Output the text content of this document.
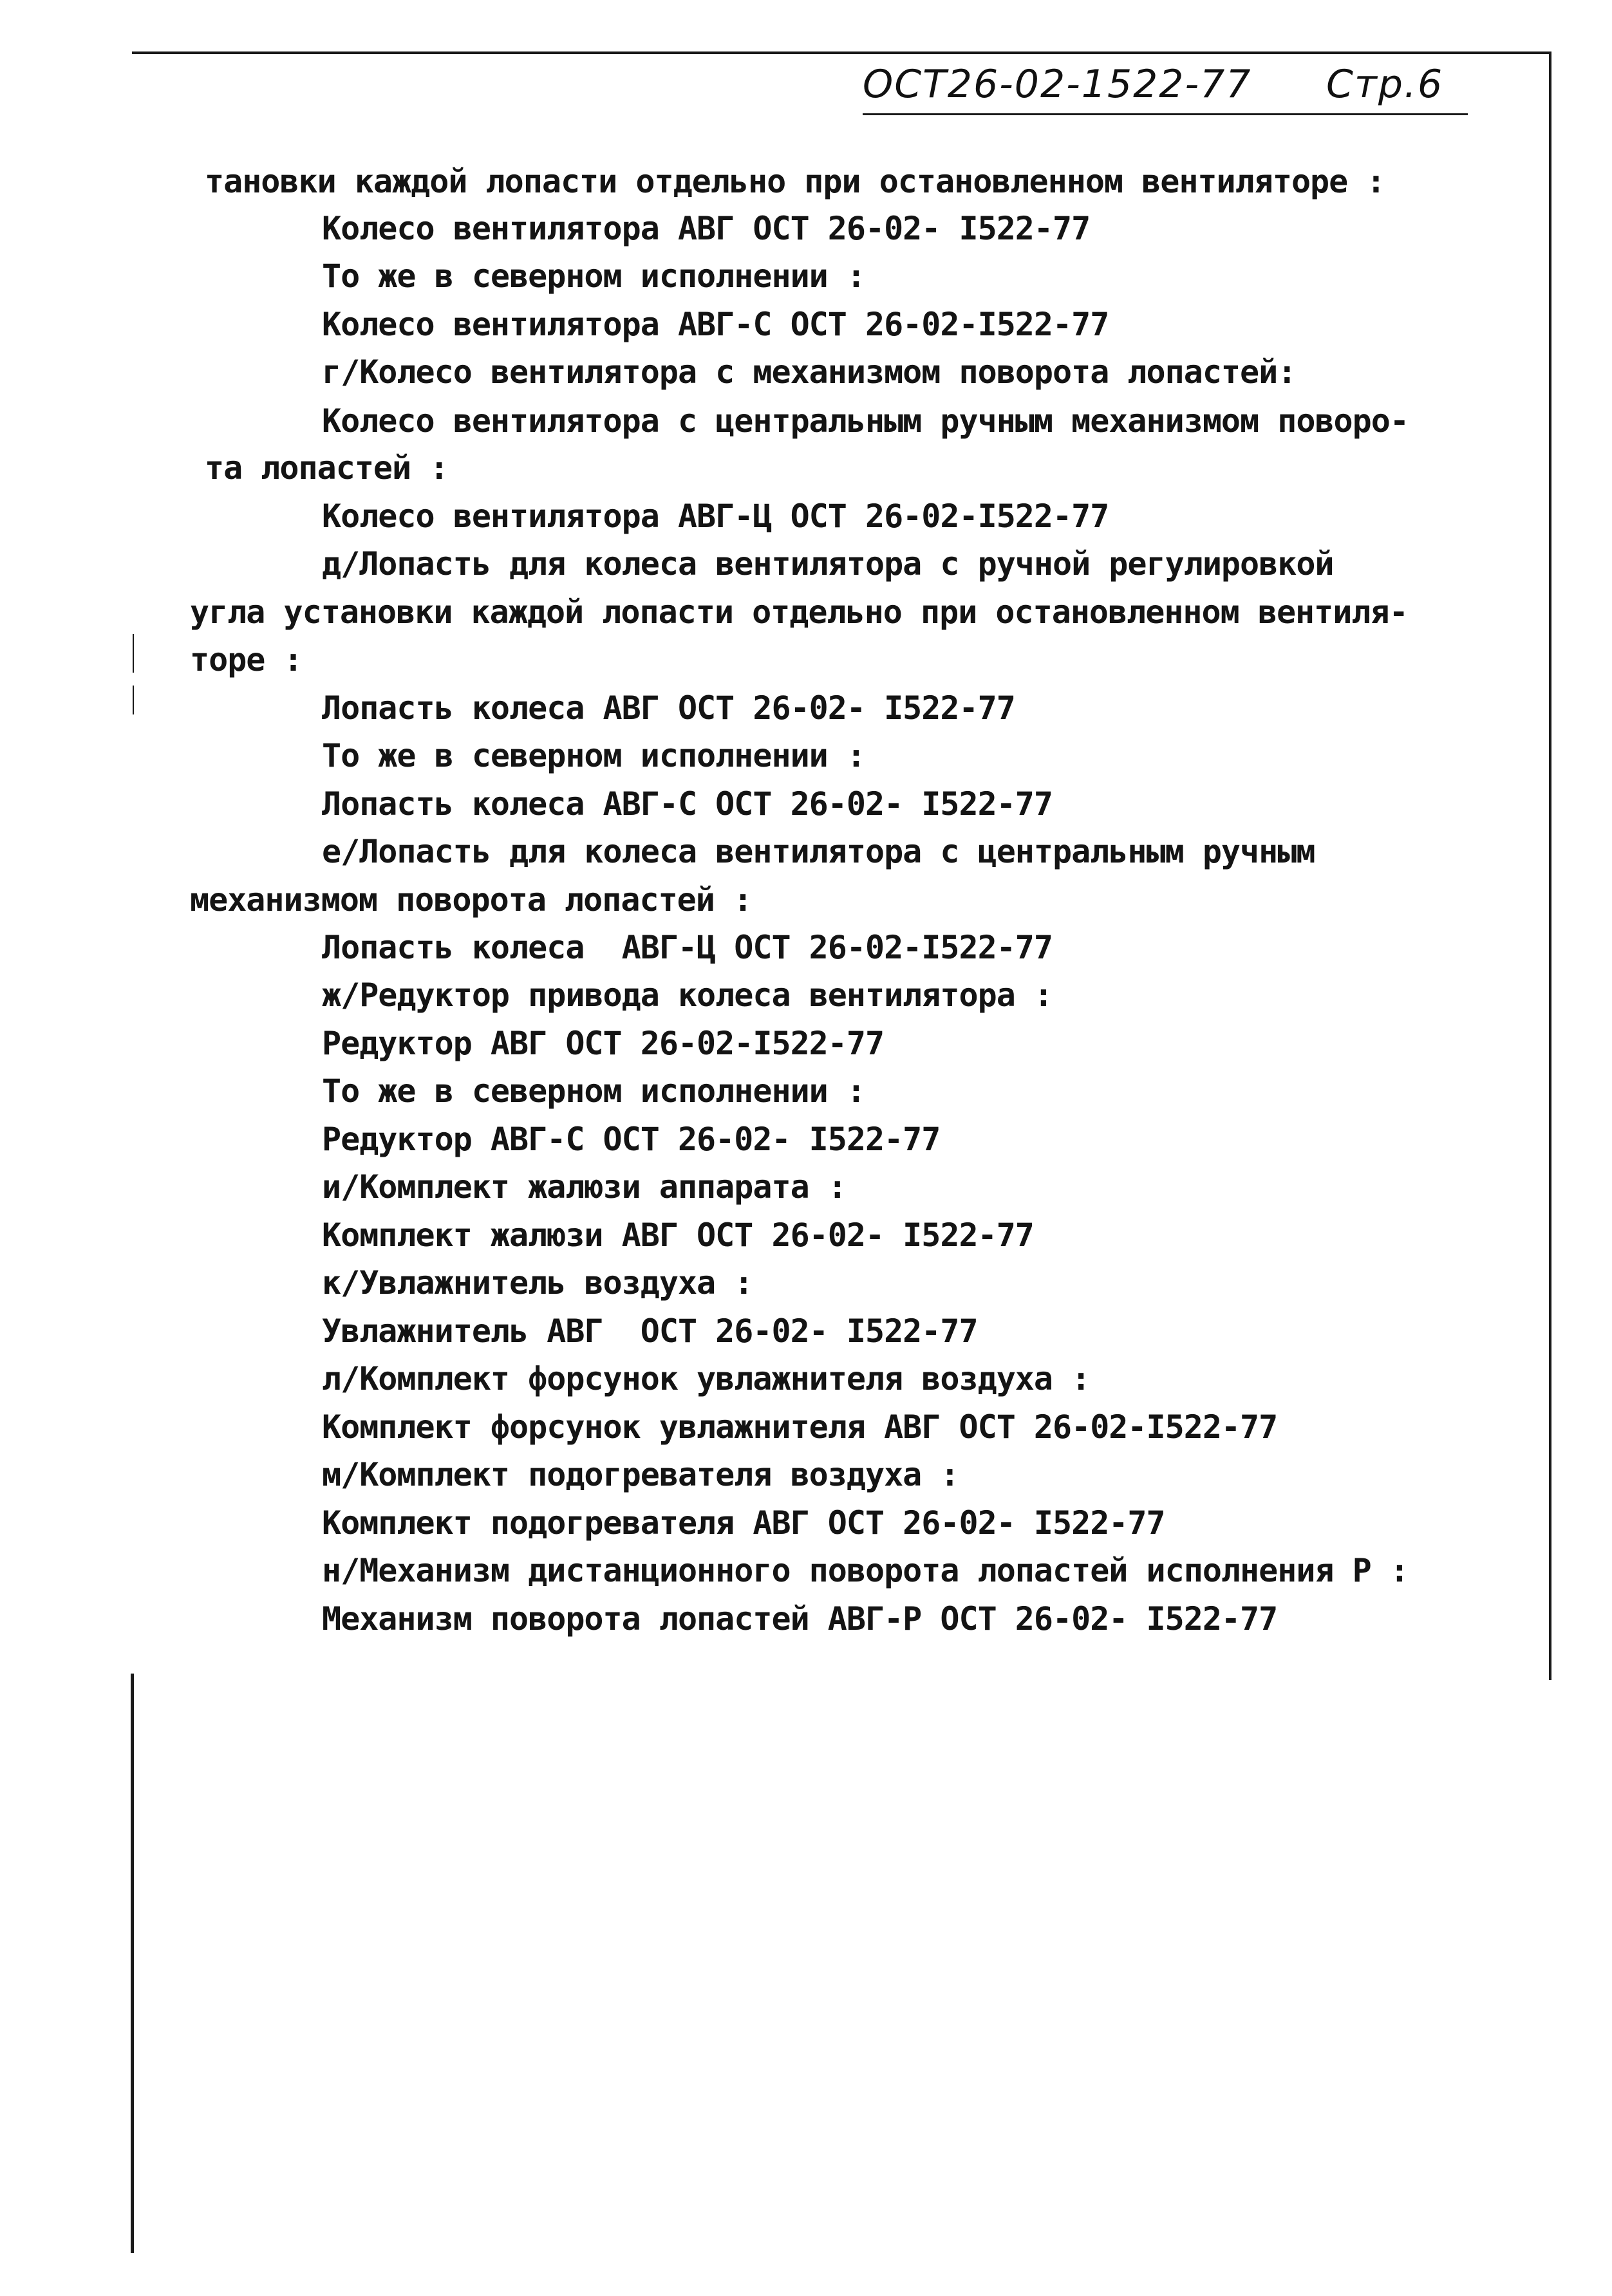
ОСТ26-02-1522-77 Стр.6
тановки каждой лопасти отдельно при остановленном вентиляторе :
Колесо вентилятора АВГ ОСТ 26-02- I522-77
То же в северном исполнении :
Колесо вентилятора АВГ-С ОСТ 26-02-I522-77
г/Колесо вентилятора с механизмом поворота лопастей:
Колесо вентилятора с центральным ручным механизмом поворо-
та лопастей :
Колесо вентилятора АВГ-Ц ОСТ 26-02-I522-77
д/Лопасть для колеса вентилятора с ручной регулировкой
угла установки каждой лопасти отдельно при остановленном вентиля-
торе :
Лопасть колеса АВГ ОСТ 26-02- I522-77
То же в северном исполнении :
Лопасть колеса АВГ-С ОСТ 26-02- I522-77
е/Лопасть для колеса вентилятора с центральным ручным
механизмом поворота лопастей :
Лопасть колеса  АВГ-Ц ОСТ 26-02-I522-77
ж/Редуктор привода колеса вентилятора :
Редуктор АВГ ОСТ 26-02-I522-77
То же в северном исполнении :
Редуктор АВГ-С ОСТ 26-02- I522-77
и/Комплект жалюзи аппарата :
Комплект жалюзи АВГ ОСТ 26-02- I522-77
к/Увлажнитель воздуха :
Увлажнитель АВГ  ОСТ 26-02- I522-77
л/Комплект форсунок увлажнителя воздуха :
Комплект форсунок увлажнителя АВГ ОСТ 26-02-I522-77
м/Комплект подогревателя воздуха :
Комплект подогревателя АВГ ОСТ 26-02- I522-77
н/Механизм дистанционного поворота лопастей исполнения Р :
Механизм поворота лопастей АВГ-Р ОСТ 26-02- I522-77
